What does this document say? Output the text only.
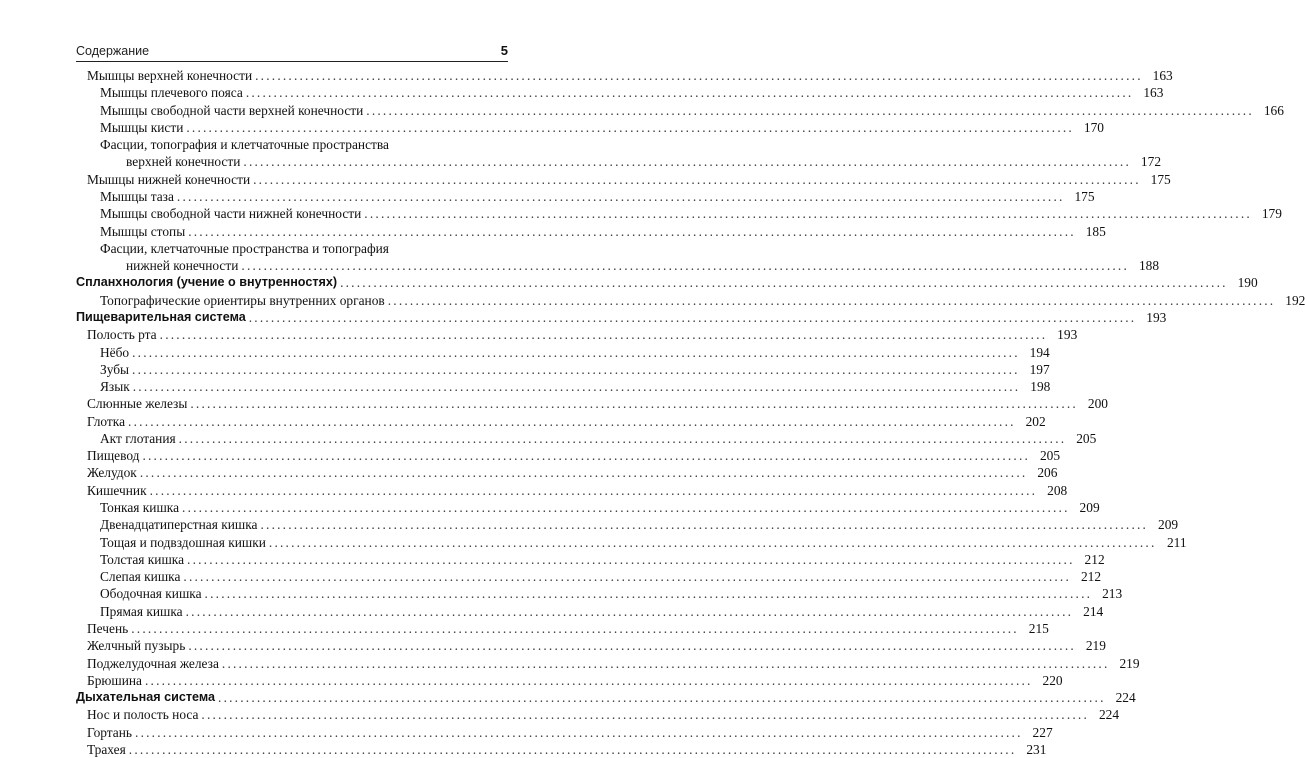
Содержание	5
Мышцы верхней конечности ................................................................................................................................................................ 163
Мышцы плечевого пояса ................................................................................................................................................................ 163
Мышцы свободной части верхней конечности ................................................................................................................................................................ 166
Мышцы кисти ................................................................................................................................................................ 170
Фасции, топография и клетчаточные пространства
верхней конечности ................................................................................................................................................................ 172
Мышцы нижней конечности ................................................................................................................................................................ 175
Мышцы таза ................................................................................................................................................................ 175
Мышцы свободной части нижней конечности ................................................................................................................................................................ 179
Мышцы стопы ................................................................................................................................................................ 185
Фасции, клетчаточные пространства и топография
нижней конечности ................................................................................................................................................................ 188
Спланхнология (учение о внутренностях) ................................................................................................................................................................ 190
Топографические ориентиры внутренних органов ................................................................................................................................................................ 192
Пищеварительная система ................................................................................................................................................................ 193
Полость рта ................................................................................................................................................................ 193
Нёбо ................................................................................................................................................................ 194
Зубы ................................................................................................................................................................ 197
Язык ................................................................................................................................................................ 198
Слюнные железы ................................................................................................................................................................ 200
Глотка ................................................................................................................................................................ 202
Акт глотания ................................................................................................................................................................ 205
Пищевод ................................................................................................................................................................ 205
Желудок ................................................................................................................................................................ 206
Кишечник ................................................................................................................................................................ 208
Тонкая кишка ................................................................................................................................................................ 209
Двенадцатиперстная кишка ................................................................................................................................................................ 209
Тощая и подвздошная кишки ................................................................................................................................................................ 211
Толстая кишка ................................................................................................................................................................ 212
Слепая кишка ................................................................................................................................................................ 212
Ободочная кишка ................................................................................................................................................................ 213
Прямая кишка ................................................................................................................................................................ 214
Печень ................................................................................................................................................................ 215
Желчный пузырь ................................................................................................................................................................ 219
Поджелудочная железа ................................................................................................................................................................ 219
Брюшина ................................................................................................................................................................ 220
Дыхательная система ................................................................................................................................................................ 224
Нос и полость носа ................................................................................................................................................................ 224
Гортань ................................................................................................................................................................ 227
Трахея ................................................................................................................................................................ 231
